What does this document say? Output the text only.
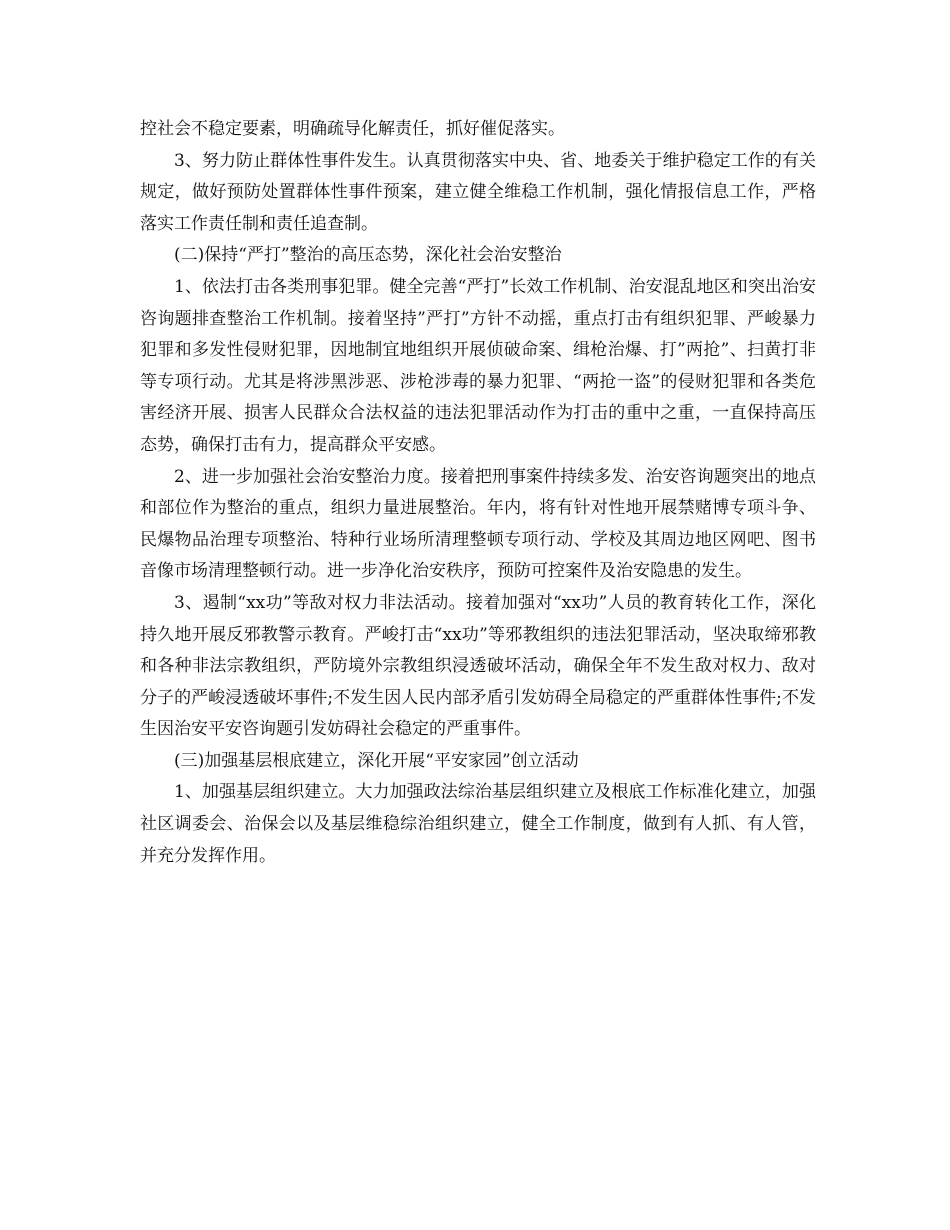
控社会不稳定要素，明确疏导化解责任，抓好催促落实。

3、努力防止群体性事件发生。认真贯彻落实中央、省、地委关于维护稳定工作的有关规定，做好预防处置群体性事件预案，建立健全维稳工作机制，强化情报信息工作，严格落实工作责任制和责任追查制。

(二)保持“严打”整治的高压态势，深化社会治安整治

1、依法打击各类刑事犯罪。健全完善“严打”长效工作机制、治安混乱地区和突出治安咨询题排查整治工作机制。接着坚持”严打”方针不动摇，重点打击有组织犯罪、严峻暴力犯罪和多发性侵财犯罪，因地制宜地组织开展侦破命案、缉枪治爆、打”两抢”、扫黄打非等专项行动。尤其是将涉黑涉恶、涉枪涉毒的暴力犯罪、“两抢一盗”的侵财犯罪和各类危害经济开展、损害人民群众合法权益的违法犯罪活动作为打击的重中之重，一直保持高压态势，确保打击有力，提高群众平安感。

2、进一步加强社会治安整治力度。接着把刑事案件持续多发、治安咨询题突出的地点和部位作为整治的重点，组织力量进展整治。年内，将有针对性地开展禁赌博专项斗争、民爆物品治理专项整治、特种行业场所清理整顿专项行动、学校及其周边地区网吧、图书音像市场清理整顿行动。进一步净化治安秩序，预防可控案件及治安隐患的发生。

3、遏制“xx功”等敌对权力非法活动。接着加强对“xx功”人员的教育转化工作，深化持久地开展反邪教警示教育。严峻打击“xx功”等邪教组织的违法犯罪活动，坚决取缔邪教和各种非法宗教组织，严防境外宗教组织浸透破坏活动，确保全年不发生敌对权力、敌对分子的严峻浸透破坏事件;不发生因人民内部矛盾引发妨碍全局稳定的严重群体性事件;不发生因治安平安咨询题引发妨碍社会稳定的严重事件。

(三)加强基层根底建立，深化开展“平安家园”创立活动

1、加强基层组织建立。大力加强政法综治基层组织建立及根底工作标准化建立，加强社区调委会、治保会以及基层维稳综治组织建立，健全工作制度，做到有人抓、有人管，并充分发挥作用。
